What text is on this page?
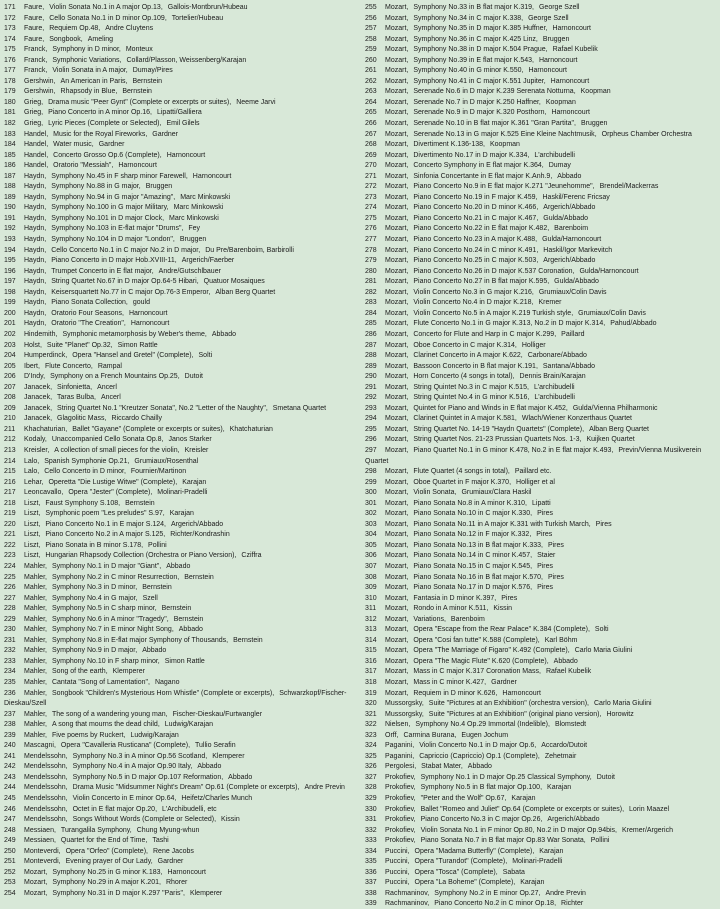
171 Faure , Violin Sonata No.1 in A major Op.13 , Gallois-Montbrun/Hubeau
172 Faure , Cello Sonata No.1 in D minor Op.109 , Tortelier/Hubeau
173 Faure , Requiem Op.48 , Andre Cluytens
174 Faure , Songbook , Ameling
175 Franck , Symphony in D minor , Monteux
176 Franck , Symphonic Variations , Collard/Plasson, Weissenberg/Karajan
177 Franck , Violin Sonata in A major , Dumay/Pires
178 Gershwin , An American in Paris , Bernstein
179 Gershwin , Rhapsody in Blue , Bernstein
180 Grieg , Drama music "Peer Gynt" (Complete or excerpts or suites) , Neeme Jarvi
181 Grieg , Piano Concerto in A minor Op.16 , Lipatti/Galliera
182 Grieg , Lyric Pieces (Complete or Selected) , Emil Gilels
183 Handel , Music for the Royal Fireworks , Gardner
184 Handel , Water music , Gardner
185 Handel , Concerto Grosso Op.6 (Complete) , Harnoncourt
186 Handel , Oratorio "Messiah" , Harnoncourt
187 Haydn , Symphony No.45 in F sharp minor Farewell , Harnoncourt
188 Haydn , Symphony No.88 in G major , Bruggen
189 Haydn , Symphony No.94 in G major "Amazing" , Marc Minkowski
190 Haydn , Symphony No.100 in G major Military , Marc Minkowski
191 Haydn , Symphony No.101 in D major Clock , Marc Minkowski
192 Haydn , Symphony No.103 in E-flat major "Drums" , Fey
193 Haydn , Symphony No.104 in D major "London" , Bruggen
194 Haydn , Cello Concerto No.1 in C major No.2 in D major , Du Pre/Barenboim, Barbirolli
195 Haydn , Piano Concerto in D major Hob.XVIII-11 , Argerich/Faerber
196 Haydn , Trumpet Concerto in E flat major , Andre/Gutschlbauer
197 Haydn , String Quartet No.67 in D major Op.64-5 Hibari , Quatuor Mosaiques
198 Haydn , Keisersquartett No.77 in C major Op.76-3 Emperor , Alban Berg Quartet
199 Haydn , Piano Sonata Collection , gould
200 Haydn , Oratorio Four Seasons , Harnoncourt
201 Haydn , Oratorio "The Creation" , Harnoncourt
202 Hindemith , Symphonic metamorphosis by Weber's theme , Abbado
203 Holst , Suite "Planet" Op.32 , Simon Rattle
204 Humperdinck , Opera "Hansel and Gretel" (Complete) , Solti
205 Ibert , Flute Concerto , Rampal
206 D'Indy , Symphony on a French Mountains Op.25 , Dutoit
207 Janacek , Sinfonietta , Ancerl
208 Janacek , Taras Bulba , Ancerl
209 Janacek , String Quartet No.1 "Kreutzer Sonata", No.2 "Letter of the Naughty" , Smetana Quartet
210 Janacek , Glagolitic Mass , Riccardo Chailly
211 Khachaturian , Ballet "Gayane" (Complete or excerpts or suites) , Khatchaturian
212 Kodaly , Unaccompanied Cello Sonata Op.8 , Janos Starker
213 Kreisler , A collection of small pieces for the violin , Kreisler
214 Lalo , Spanish Symphonie Op.21 , Grumiaux/Rosenthal
215 Lalo , Cello Concerto in D minor , Fournier/Martinon
216 Lehar , Operetta "Die Lustige Witwe" (Complete) , Karajan
217 Leoncavallo , Opera "Jester" (Complete) , Molinari-Pradelli
218 Liszt , Faust Symphony S.108 , Bernstein
219 Liszt , Symphonic poem "Les preludes" S.97 , Karajan
220 Liszt , Piano Concerto No.1 in E major S.124 , Argerich/Abbado
221 Liszt , Piano Concerto No.2 in A major S.125 , Richter/Kondrashin
222 Liszt , Piano Sonata in B minor S.178 , Pollini
223 Liszt , Hungarian Rhapsody Collection (Orchestra or Piano Version) , Cziffra
224 Mahler , Symphony No.1 in D major "Giant" , Abbado
225 Mahler , Symphony No.2 in C minor Resurrection , Bernstein
226 Mahler , Symphony No.3 in D minor , Bernstein
227 Mahler , Symphony No.4 in G major , Szell
228 Mahler , Symphony No.5 in C sharp minor , Bernstein
229 Mahler , Symphony No.6 in A minor "Tragedy" , Bernstein
230 Mahler , Symphony No.7 in E minor Night Song , Abbado
231 Mahler , Symphony No.8 in E-flat major Symphony of Thousands , Bernstein
232 Mahler , Symphony No.9 in D major , Abbado
233 Mahler , Symphony No.10 in F sharp minor , Simon Rattle
234 Mahler , Song of the earth , Klemperer
235 Mahler , Cantata "Song of Lamentation" , Nagano
236 Mahler , Songbook "Children's Mysterious Horn Whistle" (Complete or excerpts) , Schwarzkopf/Fischer-Dieskau/Szell
237 Mahler , The song of a wandering young man , Fischer-Dieskau/Furtwangler
238 Mahler , A song that mourns the dead child , Ludwig/Karajan
239 Mahler , Five poems by Ruckert , Ludwig/Karajan
240 Mascagni , Opera "Cavalleria Rusticana" (Complete) , Tullio Serafin
241 Mendelssohn , Symphony No.3 in A minor Op.56 Scotland , Klemperer
242 Mendelssohn , Symphony No.4 in A major Op.90 Italy , Abbado
243 Mendelssohn , Symphony No.5 in D major Op.107 Reformation , Abbado
244 Mendelssohn , Drama Music "Midsummer Night's Dream" Op.61 (Complete or excerpts) , Andre Previn
245 Mendelssohn , Violin Concerto in E minor Op.64 , Heifetz/Charles Munch
246 Mendelssohn , Octet in E flat major Op.20 , L'Archibudelli, etc
247 Mendelssohn , Songs Without Words (Complete or Selected) , Kissin
248 Messiaen , Turangalila Symphony , Chung Myung-whun
249 Messiaen , Quartet for the End of Time , Tashi
250 Monteverdi , Opera "Orfeo" (Complete) , Rene Jacobs
251 Monteverdi , Evening prayer of Our Lady , Gardner
252 Mozart , Symphony No.25 in G minor K.183 , Harnoncourt
253 Mozart , Symphony No.29 in A major K.201 , Rhorer
254 Mozart , Symphony No.31 in D major K.297 "Paris" , Klemperer
255 Mozart , Symphony No.33 in B flat major K.319 , George Szell
256 Mozart , Symphony No.34 in C major K.338 , George Szell
257 Mozart , Symphony No.35 in D major K.385 Huffner , Harnoncourt
258 Mozart , Symphony No.36 in C major K.425 Linz , Bruggen
259 Mozart , Symphony No.38 in D major K.504 Prague , Rafael Kubelik
260 Mozart , Symphony No.39 in E flat major K.543 , Harnoncourt
261 Mozart , Symphony No.40 in G minor K.550 , Harnoncourt
262 Mozart , Symphony No.41 in C major K.551 Jupiter , Harnoncourt
263 Mozart , Serenade No.6 in D major K.239 Serenata Notturna , Koopman
264 Mozart , Serenade No.7 in D major K.250 Haffner , Koopman
265 Mozart , Serenade No.9 in D major K.320 Posthorn , Harnoncourt
266 Mozart , Serenade No.10 in B flat major K.361 "Gran Partita" , Bruggen
267 Mozart , Serenade No.13 in G major K.525 Eine Kleine Nachtmusik , Orpheus Chamber Orchestra
268 Mozart , Divertiment K.136-138 , Koopman
269 Mozart , Divertimento No.17 in D major K.334 , L'archibudelli
270 Mozart , Concerto Symphony in E flat major K.364 , Dumay
271 Mozart , Sinfonia Concertante in E flat major K.Anh.9 , Abbado
272 Mozart , Piano Concerto No.9 in E flat major K.271 "Jeunehomme" , Brendel/Mackerras
273 Mozart , Piano Concerto No.19 in F major K.459 , Haskil/Ferenc Fricsay
274 Mozart , Piano Concerto No.20 in D minor K.466 , Argerich/Abbado
275 Mozart , Piano Concerto No.21 in C major K.467 , Gulda/Abbado
276 Mozart , Piano Concerto No.22 in E flat major K.482 , Barenboim
277 Mozart , Piano Concerto No.23 in A major K.488 , Gulda/Harnoncourt
278 Mozart , Piano Concerto No.24 in C minor K.491 , Haskil/Igor Markevitch
279 Mozart , Piano Concerto No.25 in C major K.503 , Argerich/Abbado
280 Mozart , Piano Concerto No.26 in D major K.537 Coronation , Gulda/Harnoncourt
281 Mozart , Piano Concerto No.27 in B flat major K.595 , Gulda/Abbado
282 Mozart , Violin Concerto No.3 in G major K.216 , Grumiaux/Colin Davis
283 Mozart , Violin Concerto No.4 in D major K.218 , Kremer
284 Mozart , Violin Concerto No.5 in A major K.219 Turkish style , Grumiaux/Colin Davis
285 Mozart , Flute Concerto No.1 in G major K.313, No.2 in D major K.314 , Pahud/Abbado
286 Mozart , Concerto for Flute and Harp in C major K.299 , Paillard
287 Mozart , Oboe Concerto in C major K.314 , Holliger
288 Mozart , Clarinet Concerto in A major K.622 , Carbonare/Abbado
289 Mozart , Bassoon Concerto in B flat major K.191 , Santana/Abbado
290 Mozart , Horn Concerto (4 songs in total) , Dennis Brain/Karajan
291 Mozart , String Quintet No.3 in C major K.515 , L'archibudelli
292 Mozart , String Quintet No.4 in G minor K.516 , L'archibudelli
293 Mozart , Quintet for Piano and Winds in E flat major K.452 , Gulda/Vienna Philharmonic
294 Mozart , Clarinet Quintet in A major K.581 , Wlach/Wiener Konzerthaus Quartet
295 Mozart , String Quartet No. 14-19 "Haydn Quartets" (Complete) , Alban Berg Quartet
296 Mozart , String Quartet Nos. 21-23 Prussian Quartets Nos. 1-3 , Kuijken Quartet
297 Mozart , Piano Quartet No.1 in G minor K.478, No.2 in E flat major K.493 , Previn/Vienna Musikverein Quartet
298 Mozart , Flute Quartet (4 songs in total) , Paillard etc.
299 Mozart , Oboe Quartet in F major K.370 , Holliger et al
300 Mozart , Violin Sonata , Grumiaux/Clara Haskil
301 Mozart , Piano Sonata No.8 in A minor K.310 , Lipatti
302 Mozart , Piano Sonata No.10 in C major K.330 , Pires
303 Mozart , Piano Sonata No.11 in A major K.331 with Turkish March , Pires
304 Mozart , Piano Sonata No.12 in F major K.332 , Pires
305 Mozart , Piano Sonata No.13 in B flat major K.333 , Pires
306 Mozart , Piano Sonata No.14 in C minor K.457 , Staier
307 Mozart , Piano Sonata No.15 in C major K.545 , Pires
308 Mozart , Piano Sonata No.16 in B flat major K.570 , Pires
309 Mozart , Piano Sonata No.17 in D major K.576 , Pires
310 Mozart , Fantasia in D minor K.397 , Pires
311 Mozart , Rondo in A minor K.511 , Kissin
312 Mozart , Variations , Barenboim
313 Mozart , Opera "Escape from the Rear Palace" K.384 (Complete) , Solti
314 Mozart , Opera "Cosi fan tutte" K.588 (Complete) , Karl Böhm
315 Mozart , Opera "The Marriage of Figaro" K.492 (Complete) , Carlo Maria Giulini
316 Mozart , Opera "The Magic Flute" K.620 (Complete) , Abbado
317 Mozart , Mass in C major K.317 Coronation Mass , Rafael Kubelik
318 Mozart , Mass in C minor K.427 , Gardner
319 Mozart , Requiem in D minor K.626 , Harnoncourt
320 Mussorgsky , Suite "Pictures at an Exhibition" (orchestra version) , Carlo Maria Giulini
321 Mussorgsky , Suite "Pictures at an Exhibition" (original piano version) , Horowitz
322 Nielsen , Symphony No.4 Op.29 Immortal (Indelible) , Blomstedt
323 Orff , Carmina Burana , Eugen Jochum
324 Paganini , Violin Concerto No.1 in D major Op.6 , Accardo/Dutoit
325 Paganini , Capriccio (Capriccio) Op.1 (Complete) , Zehetmair
326 Pergolesi , Stabat Mater , Abbado
327 Prokofiev , Symphony No.1 in D major Op.25 Classical Symphony , Dutoit
328 Prokofiev , Symphony No.5 in B flat major Op.100 , Karajan
329 Prokofiev , "Peter and the Wolf" Op.67 , Karajan
330 Prokofiev , Ballet "Romeo and Juliet" Op.64 (Complete or excerpts or suites) , Lorin Maazel
331 Prokofiev , Piano Concerto No.3 in C major Op.26 , Argerich/Abbado
332 Prokofiev , Violin Sonata No.1 in F minor Op.80, No.2 in D major Op.94bis , Kremer/Argerich
333 Prokofiev , Piano Sonata No.7 in B flat major Op.83 War Sonata , Pollini
334 Puccini , Opera "Madama Butterfly" (Complete) , Karajan
335 Puccini , Opera "Turandot" (Complete) , Molinari-Pradelli
336 Puccini , Opera "Tosca" (Complete) , Sabata
337 Puccini , Opera "La Boheme" (Complete) , Karajan
338 Rachmaninov , Symphony No.2 in E minor Op.27 , Andre Previn
339 Rachmaninov , Piano Concerto No.2 in C minor Op.18 , Richter
